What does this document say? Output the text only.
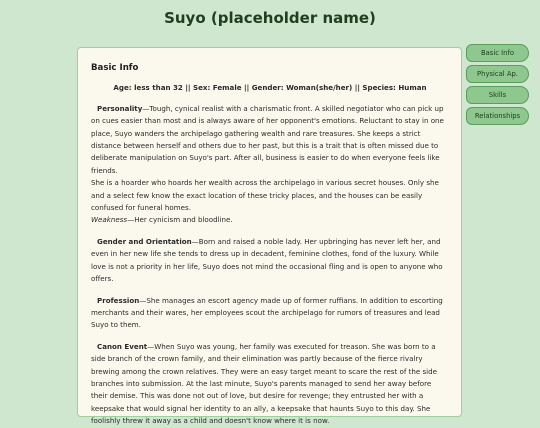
Suyo (placeholder name)
Basic Info
Age: less than 32 || Sex: Female || Gender: Woman(she/her) || Species: Human

Personality—Tough, cynical realist with a charismatic front. A skilled negotiator who can pick up on cues easier than most and is always aware of her opponent's emotions. Reluctant to stay in one place, Suyo wanders the archipelago gathering wealth and rare treasures. She keeps a strict distance between herself and others due to her past, but this is a trait that is often missed due to deliberate manipulation on Suyo's part. After all, business is easier to do when everyone feels like friends.
She is a hoarder who hoards her wealth across the archipelago in various secret houses. Only she and a select few know the exact location of these tricky places, and the houses can be easily confused for funeral homes.
Weakness—Her cynicism and bloodline.

Gender and Orientation—Born and raised a noble lady. Her upbringing has never left her, and even in her new life she tends to dress up in decadent, feminine clothes, fond of the luxury. While love is not a priority in her life, Suyo does not mind the occasional fling and is open to anyone who offers.

Profession—She manages an escort agency made up of former ruffians. In addition to escorting merchants and their wares, her employees scout the archipelago for rumors of treasures and lead Suyo to them.

Canon Event—When Suyo was young, her family was executed for treason. She was born to a side branch of the crown family, and their elimination was partly because of the fierce rivalry brewing among the crown relatives. They were an easy target meant to scare the rest of the side branches into submission. At the last minute, Suyo's parents managed to send her away before their demise. This was done not out of love, but desire for revenge; they entrusted her with a keepsake that would signal her identity to an ally, a keepsake that haunts Suyo to this day. She foolishly threw it away as a child and doesn't know where it is now.

Basic Info
Physical Ap.
Skills
Relationships
